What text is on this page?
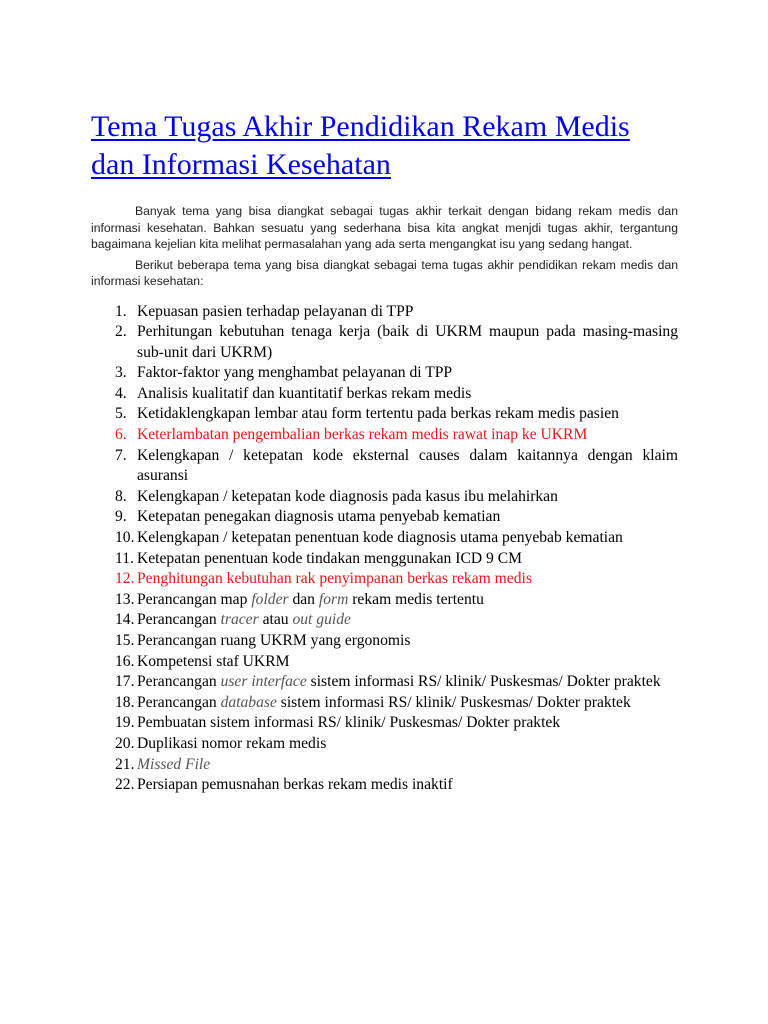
Tema Tugas Akhir Pendidikan Rekam Medis dan Informasi Kesehatan

Banyak tema yang bisa diangkat sebagai tugas akhir terkait dengan bidang rekam medis dan informasi kesehatan. Bahkan sesuatu yang sederhana bisa kita angkat menjdi tugas akhir, tergantung bagaimana kejelian kita melihat permasalahan yang ada serta mengangkat isu yang sedang hangat.

Berikut beberapa tema yang bisa diangkat sebagai tema tugas akhir pendidikan rekam medis dan informasi kesehatan:

1. Kepuasan pasien terhadap pelayanan di TPP
2. Perhitungan kebutuhan tenaga kerja (baik di UKRM maupun pada masing-masing sub-unit dari UKRM)
3. Faktor-faktor yang menghambat pelayanan di TPP
4. Analisis kualitatif dan kuantitatif berkas rekam medis
5. Ketidaklengkapan lembar atau form tertentu pada berkas rekam medis pasien
6. Keterlambatan pengembalian berkas rekam medis rawat inap ke UKRM
7. Kelengkapan / ketepatan kode eksternal causes dalam kaitannya dengan klaim asuransi
8. Kelengkapan / ketepatan kode diagnosis pada kasus ibu melahirkan
9. Ketepatan penegakan diagnosis utama penyebab kematian
10. Kelengkapan / ketepatan penentuan kode diagnosis utama penyebab kematian
11. Ketepatan penentuan kode tindakan menggunakan ICD 9 CM
12. Penghitungan kebutuhan rak penyimpanan berkas rekam medis
13. Perancangan map folder dan form rekam medis tertentu
14. Perancangan tracer atau out guide
15. Perancangan ruang UKRM yang ergonomis
16. Kompetensi staf UKRM
17. Perancangan user interface sistem informasi RS/ klinik/ Puskesmas/ Dokter praktek
18. Perancangan database sistem informasi RS/ klinik/ Puskesmas/ Dokter praktek
19. Pembuatan sistem informasi RS/ klinik/ Puskesmas/ Dokter praktek
20. Duplikasi nomor rekam medis
21. Missed File
22. Persiapan pemusnahan berkas rekam medis inaktif
